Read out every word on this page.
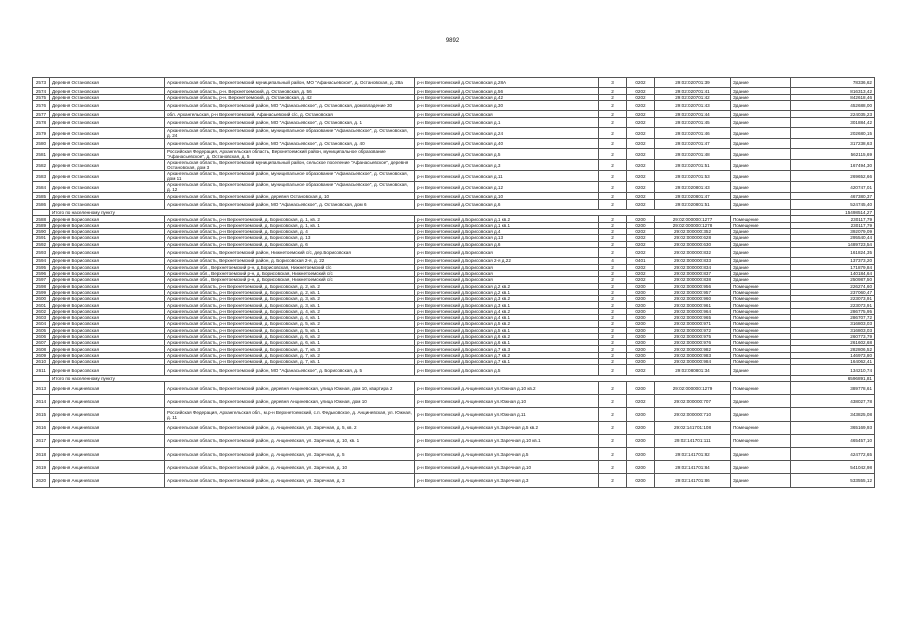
9892
2573	Деревня Остановская	Архангельская область, Верхнетоемский муниципальный район, МО "Афанасьевское", д. Остановская, д. 28а	р-н Верхнетоемский д.Остановская д.28А	3	0202	29:02:020701:39	Здание	78336,62
2574	Деревня Остановская	Архангельская область, р-н. Верхнетоемский, д. Остановская, д. 56	р-н Верхнетоемский д.Остановская д.56	2	0202	29:02:020701:41	Здание	816313,42
2575	Деревня Остановская	Архангельская область, р-н. Верхнетоемский, д. Остановская, д. 42	р-н Верхнетоемский д.Остановская д.42	2	0202	29:02:020701:42	Здание	842618,46
2576	Деревня Остановская	Архангельская область, Верхнетоемский район, МО "Афанасьевское", д. Остановская, домовладение 30	р-н Верхнетоемский д.Остановская д.30	2	0202	29:02:020701:43	Здание	452688,00
2577	Деревня Остановская	обл. Архангельская, р-н Верхнетоемский, Афанасьевский с/с, д. Остановская	р-н Верхнетоемский д.Остановская	2	0202	29:02:020701:44	Здание	224035,23
2578	Деревня Остановская	Архангельская область, Верхнетоемский район, МО "Афанасьевское", д. Остановская, д. 1	р-н Верхнетоемский д.Остановская д.1	2	0202	29:02:020701:45	Здание	301884,42
2579	Деревня Остановская	Архангельская область, Верхнетоемский район, муниципальное образование "Афанасьевское", д. Остановская, д. 24	р-н Верхнетоемский д.Остановская д.24	2	0202	29:02:020701:46	Здание	202680,15
2580	Деревня Остановская	Архангельская область, Верхнетоемский район, МО "Афанасьевское", д. Остановская, д. 40	р-н Верхнетоемский д.Остановская д.40	2	0202	29:02:020701:47	Здание	317238,63
2581	Деревня Остановская	Российская Федерация, Архангельская область, Верхнетоемский район, муниципальное образование "Афанасьевское", д. Остановская, д. 5	р-н Верхнетоемский д.Остановская д.5	2	0202	29:02:020701:48	Здание	562115,69
2582	Деревня Остановская	Архангельская область, Верхнетоемский муниципальный район, сельское поселение "Афанасьевское", деревня Остановская, дом 3	р-н Верхнетоемский д.Остановская д.3	2	0202	29:02:020701:51	Здание	167494,30
2583	Деревня Остановская	Архангельская область, Верхнетоемский район, муниципальное образование "Афанасьевское", д. Остановская, дом 11	р-н Верхнетоемский д.Остановская д.11	2	0202	29:02:020701:53	Здание	269652,66
2584	Деревня Остановская	Архангельская область, Верхнетоемский район, муниципальное образование "Афанасьевское", д. Остановская, д. 12	р-н Верхнетоемский д.Остановская д.12	2	0202	29:02:020801:43	Здание	420747,01
2585	Деревня Остановская	Архангельская область, Верхнетоемский район, деревня Остановская д. 10	р-н Верхнетоемский д.Остановская д.10	2	0202	29:02:020801:47	Здание	467380,37
2586	Деревня Остановская	Архангельская область, Верхнетоемский район, МО "Афанасьевское", д. Остановская, дом 6	р-н Верхнетоемский д.Остановская д.6	2	0202	29:02:020801:51	Здание	524745,40
	Итого по населенному пункту							15498514,27
2588	Деревня Борисовская	Архангельская область, р-н Верхнетоемский, д. Борисовская, д. 1, кв. 2	р-н Верхнетоемский д.Борисовская д.1 кв.2	2	0200	29:02:000000:1277	Помещение	230117,79
2589	Деревня Борисовская	Архангельская область, р-н Верхнетоемский, д. Борисовская, д. 1, кв. 1	р-н Верхнетоемский д.Борисовская д.1 кв.1	2	0200	29:02:000000:1278	Помещение	230117,79
2590	Деревня Борисовская	Архангельская область, р-н Верхнетоемский, д. Борисовская, д. 4	р-н Верхнетоемский д.Борисовская д.4	2	0202	29:02:000000:352	Здание	392079,09
2591	Деревня Борисовская	Архангельская область, р-н Верхнетоемский, д. Борисовская, д. 13	р-н Верхнетоемский д.Борисовская д.13	2	0202	29:02:000000:628	Здание	295540,44
2592	Деревня Борисовская	Архангельская область, р-н Верхнетоемский, д. Борисовская, д. 6	р-н Верхнетоемский д.Борисовская д.6	2	0202	29:02:000000:630	Здание	1489723,54
2593	Деревня Борисовская	Архангельская область, Верхнетоемский район, Нижнетоемский с/с, дер.Борисовская	р-н Верхнетоемский д.Борисовская	2	0202	29:02:000000:832	Здание	161824,35
2594	Деревня Борисовская	Архангельская область, Верхнетоемский район, д. Борисовская 2-я, д. 22	р-н Верхнетоемский д.Борисовская 2-я д.22	4	0401	29:02:000000:833	Здание	137373,20
2595	Деревня Борисовская	Архангельская обл., Верхнетоемский р-н, д.Борисовская, Нижнетоемский с/с	р-н Верхнетоемский д.Борисовская	2	0202	29:02:000000:834	Здание	171879,84
2596	Деревня Борисовская	Архангельская обл., Верхнетоемский р-н, д. Борисовская, Нижнетоемский с/с	р-н Верхнетоемский д.Борисовская	2	0202	29:02:000000:837	Здание	140184,64
2597	Деревня Борисовская	Архангельская обл., Верхнетоемский р-н, д. Борисовская, Нижнетоемский с/с	р-н Верхнетоемский д.Борисовская	2	0202	29:02:000000:838	Здание	250987,50
2598	Деревня Борисовская	Архангельская область, р-н Верхнетоемский, д. Борисовская, д. 2, кв. 2	р-н Верхнетоемский д.Борисовская д.2 кв.2	2	0200	29:02:000000:956	Помещение	226274,60
2599	Деревня Борисовская	Архангельская область, р-н Верхнетоемский, д. Борисовская, д. 2, кв. 1	р-н Верхнетоемский д.Борисовская д.2 кв.1	2	0200	29:02:000000:957	Помещение	237060,47
2600	Деревня Борисовская	Архангельская область, р-н Верхнетоемский, д. Борисовская, д. 3, кв. 2	р-н Верхнетоемский д.Борисовская д.3 кв.2	2	0200	29:02:000000:960	Помещение	223073,91
2601	Деревня Борисовская	Архангельская область, р-н Верхнетоемский, д. Борисовская, д. 3, кв. 1	р-н Верхнетоемский д.Борисовская д.3 кв.1	2	0200	29:02:000000:961	Помещение	223073,91
2602	Деревня Борисовская	Архангельская область, р-н Верхнетоемский, д. Борисовская, д. 4, кв. 2	р-н Верхнетоемский д.Борисовская д.4 кв.2	2	0200	29:02:000000:964	Помещение	286775,95
2603	Деревня Борисовская	Архангельская область, р-н Верхнетоемский, д. Борисовская, д. 4, кв. 1	р-н Верхнетоемский д.Борисовская д.4 кв.1	2	0200	29:02:000000:965	Помещение	286707,72
2604	Деревня Борисовская	Архангельская область, р-н Верхнетоемский, д. Борисовская, д. 5, кв. 2	р-н Верхнетоемский д.Борисовская д.5 кв.2	2	0200	29:02:000000:971	Помещение	316803,03
2605	Деревня Борисовская	Архангельская область, р-н Верхнетоемский, д. Борисовская, д. 5, кв. 1	р-н Верхнетоемский д.Борисовская д.5 кв.1	2	0200	29:02:000000:972	Помещение	316803,03
2606	Деревня Борисовская	Архангельская область, р-н Верхнетоемский, д. Борисовская, д. 6, кв. 2	р-н Верхнетоемский д.Борисовская д.6 кв.2	2	0200	29:02:000000:975	Помещение	260773,79
2607	Деревня Борисовская	Архангельская область, р-н Верхнетоемский, д. Борисовская, д. 6, кв. 1	р-н Верхнетоемский д.Борисовская д.6 кв.1	2	0200	29:02:000000:976	Помещение	261602,68
2608	Деревня Борисовская	Архангельская область, р-н Верхнетоемский, д. Борисовская, д. 7, кв. 3	р-н Верхнетоемский д.Борисовская д.7 кв.3	2	0200	29:02:000000:982	Помещение	282806,52
2609	Деревня Борисовская	Архангельская область, р-н Верхнетоемский, д. Борисовская, д. 7, кв. 2	р-н Верхнетоемский д.Борисовская д.7 кв.2	2	0200	29:02:000000:983	Помещение	146973,80
2610	Деревня Борисовская	Архангельская область, р-н Верхнетоемский, д. Борисовская, д. 7, кв. 1	р-н Верхнетоемский д.Борисовская д.7 кв.1	2	0200	29:02:000000:984	Помещение	164062,41
2611	Деревня Борисовская	Архангельская область, Верхнетоемский район, МО "Афанасьевское", д. Борисовская, д. 5	р-н Верхнетоемский д.Борисовская д.5	2	0202	29:02:080801:34	Здание	134210,74
	Итого по населенному пункту							6596891,81
2613	Деревня Анциневская	Архангельская область, Верхнетоемский район, деревня Анциневская, улица Южная, дом 10, квартира 2	р-н Верхнетоемский д.Анциневская ул.Южная д.10 кв.2	2	0200	29:02:000000:1279	Помещение	389778,61
2614	Деревня Анциневская	Архангельская область, Верхнетоемский район, деревня Анциневская, улица Южная, дом 10	р-н Верхнетоемский д.Анциневская ул.Южная д.10	2	0202	29:02:000000:707	Здание	438027,78
2615	Деревня Анциневская	Российская Федерация, Архангельская обл., м.р-н Верхнетоемский, с.п. Федьковское, д. Анциневская, ул. Южная, д. 11	р-н Верхнетоемский д.Анциневская ул.Южная д.11	2	0200	29:02:000000:710	Здание	343825,08
2616	Деревня Анциневская	Архангельская область, Верхнетоемский район, д. Анциневская, ул. Заречная, д. 5, кв. 2	р-н Верхнетоемский д.Анциневская ул.Заречная д.5 кв.2	2	0200	29:02:141701:108	Помещение	365169,93
2617	Деревня Анциневская	Архангельская область, Верхнетоемский район, д. Анциневская, ул. Заречная, д. 10, кв. 1	р-н Верхнетоемский д.Анциневская ул.Заречная д.10 кв.1	2	0200	29:02:141701:111	Помещение	465457,10
2618	Деревня Анциневская	Архангельская область, Верхнетоемский район, д. Анциневская, ул. Заречная, д. 5	р-н Верхнетоемский д.Анциневская ул.Заречная д.5	2	0200	29:02:141701:82	Здание	424772,65
2619	Деревня Анциневская	Архангельская область, Верхнетоемский район, д. Анциневская, ул. Заречная, д. 10	р-н Верхнетоемский д.Анциневская ул.Заречная д.10	2	0200	29:02:141701:84	Здание	541042,98
2620	Деревня Анциневская	Архангельская область, Верхнетоемский район, д. Анциневская, ул. Заречная, д. 3	р-н Верхнетоемский д.Анциневская ул.Заречная д.3	2	0200	29:02:141701:86	Здание	533555,12
